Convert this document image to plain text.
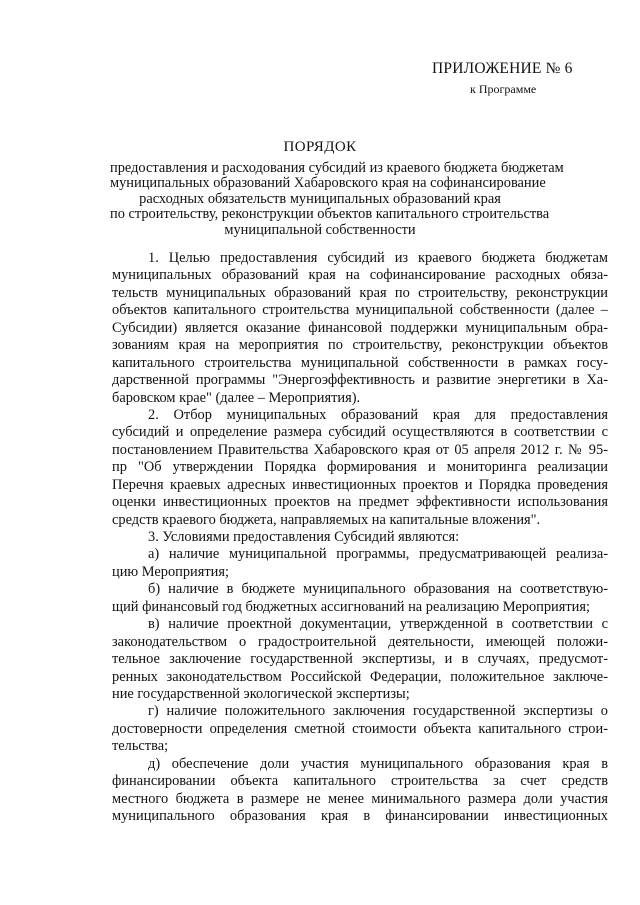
ПРИЛОЖЕНИЕ № 6
к Программе
ПОРЯДОК
предоставления и расходования субсидий из краевого бюджета бюджетам
муниципальных образований Хабаровского края на софинансирование
расходных обязательств муниципальных образований края
по строительству, реконструкции объектов капитального строительства
муниципальной собственности
1. Целью предоставления субсидий из краевого бюджета бюджетам
муниципальных образований края на софинансирование расходных обяза-
тельств муниципальных образований края по строительству, реконструкции
объектов капитального строительства муниципальной собственности (далее –
Субсидии) является оказание финансовой поддержки муниципальным обра-
зованиям края на мероприятия по строительству, реконструкции объектов
капитального строительства муниципальной собственности в рамках госу-
дарственной программы "Энергоэффективность и развитие энергетики в Ха-
баровском крае" (далее – Мероприятия).
2. Отбор муниципальных образований края для предоставления
субсидий и определение размера субсидий осуществляются в соответствии с
постановлением Правительства Хабаровского края от 05 апреля 2012 г. № 95-
пр "Об утверждении Порядка формирования и мониторинга реализации
Перечня краевых адресных инвестиционных проектов и Порядка проведения
оценки инвестиционных проектов на предмет эффективности использования
средств краевого бюджета, направляемых на капитальные вложения".
3. Условиями предоставления Субсидий являются:
а) наличие муниципальной программы, предусматривающей реализа-
цию Мероприятия;
б) наличие в бюджете муниципального образования на соответствую-
щий финансовый год бюджетных ассигнований на реализацию Мероприятия;
в) наличие проектной документации, утвержденной в соответствии с
законодательством о градостроительной деятельности, имеющей положи-
тельное заключение государственной экспертизы, и в случаях, предусмот-
ренных законодательством Российской Федерации, положительное заключе-
ние государственной экологической экспертизы;
г) наличие положительного заключения государственной экспертизы о
достоверности определения сметной стоимости объекта капитального строи-
тельства;
д) обеспечение доли участия муниципального образования края в
финансировании объекта капитального строительства за счет средств
местного бюджета в размере не менее минимального размера доли участия
муниципального образования края в финансировании инвестиционных
